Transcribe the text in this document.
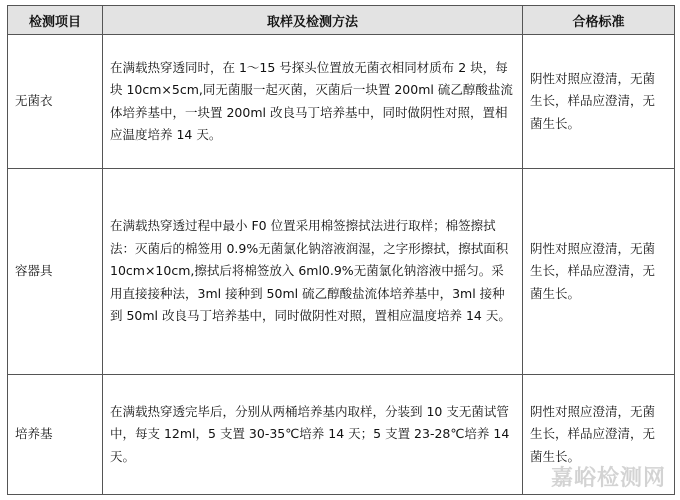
检测项目	取样及检测方法	合格标准
无菌衣	在满载热穿透同时，在 1～15 号探头位置放无菌衣相同材质布 2 块，每块 10cm×5cm,同无菌服一起灭菌，灭菌后一块置 200ml 硫乙醇酸盐流体培养基中，一块置 200ml 改良马丁培养基中，同时做阴性对照，置相应温度培养 14 天。	阴性对照应澄清，无菌生长，样品应澄清，无菌生长。
容器具	在满载热穿透过程中最小 F0 位置采用棉签擦拭法进行取样；棉签擦拭法：灭菌后的棉签用 0.9%无菌氯化钠溶液润湿，之字形擦拭，擦拭面积 10cm×10cm,擦拭后将棉签放入 6ml0.9%无菌氯化钠溶液中摇匀。采用直接接种法，3ml 接种到 50ml 硫乙醇酸盐流体培养基中，3ml 接种到 50ml 改良马丁培养基中，同时做阴性对照，置相应温度培养 14 天。	阴性对照应澄清，无菌生长，样品应澄清，无菌生长。
培养基	在满载热穿透完毕后，分别从两桶培养基内取样，分装到 10 支无菌试管中，每支 12ml，5 支置 30-35℃培养 14 天；5 支置 23-28℃培养 14 天。	阴性对照应澄清，无菌生长，样品应澄清，无菌生长。
嘉峪检测网
